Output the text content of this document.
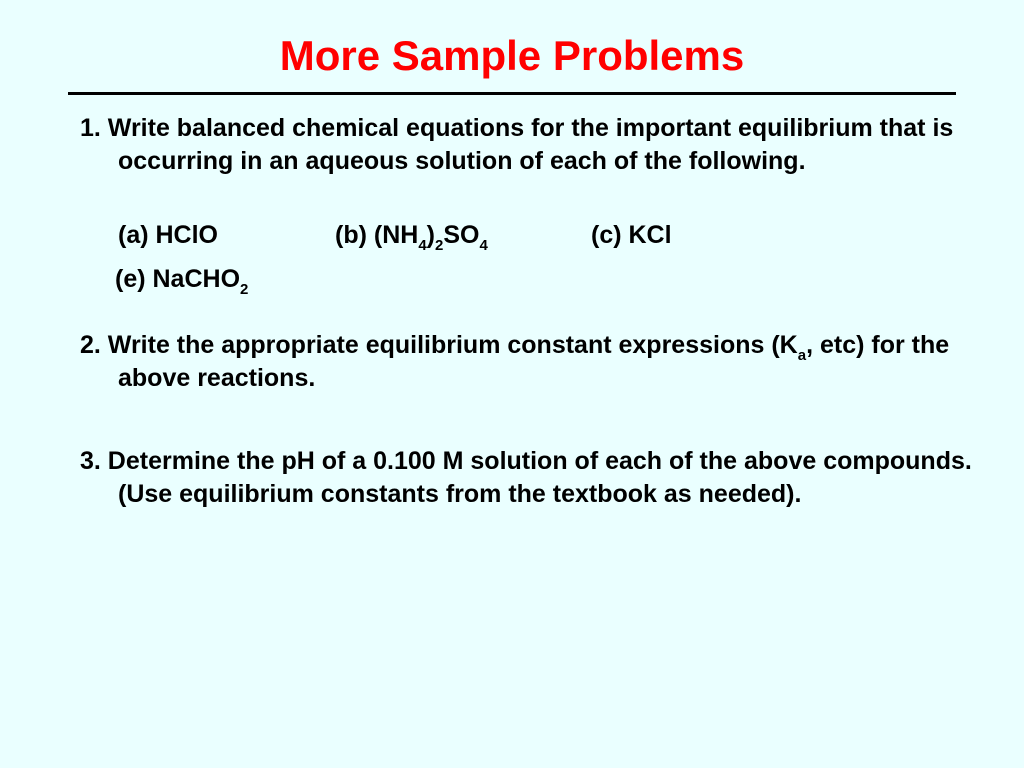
More Sample Problems

1. Write balanced chemical equations for the important equilibrium that is occurring in an aqueous solution of each of the following.

(a) HClO	(b) $(NH_4)_2SO_4$	(c) KCl
(e) NaCHO$_2$

2. Write the appropriate equilibrium constant expressions ($K_a$, etc) for the above reactions.

3. Determine the pH of a 0.100 M solution of each of the above compounds. (Use equilibrium constants from the textbook as needed).
